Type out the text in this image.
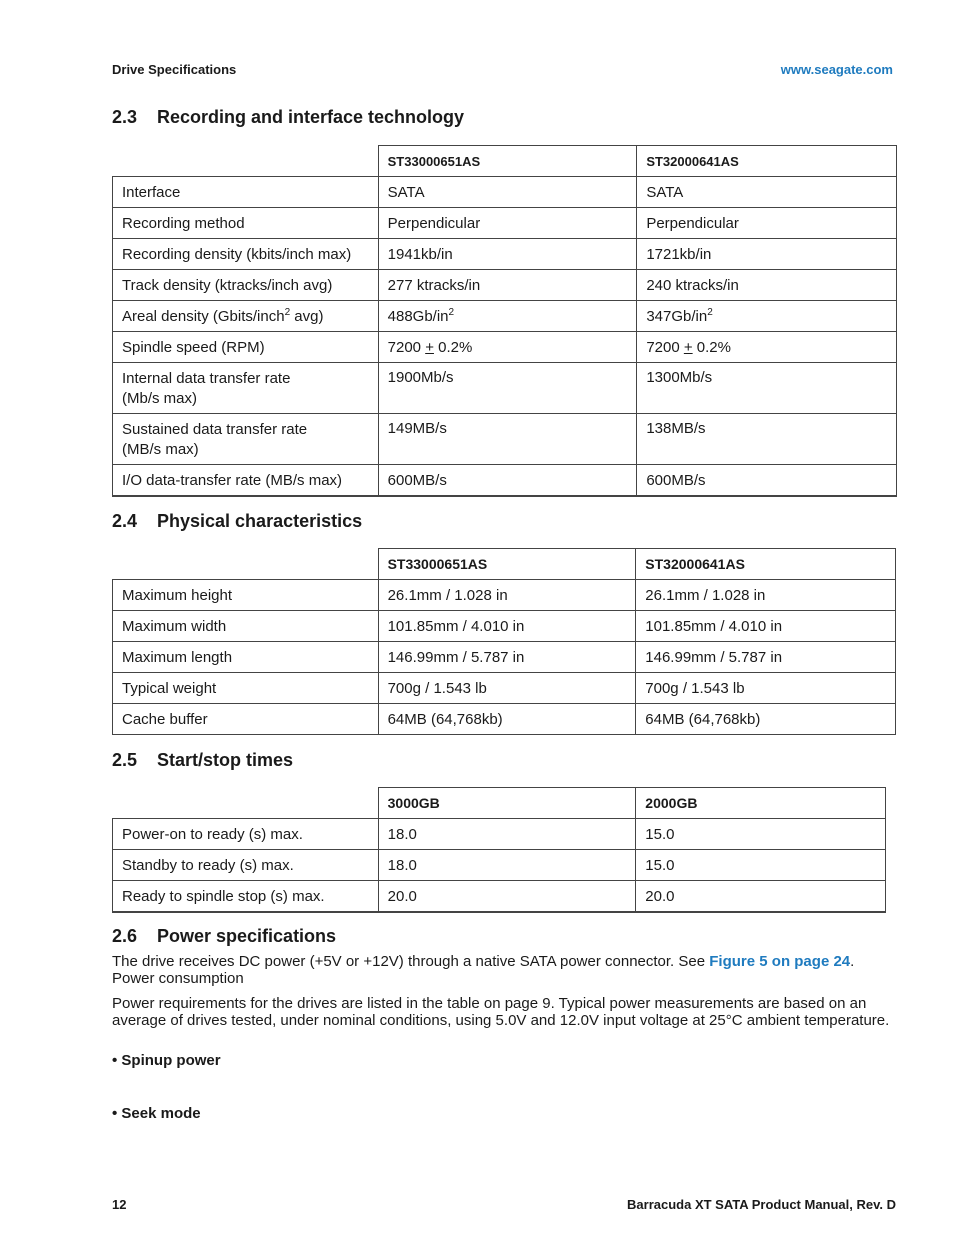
Drive Specifications	www.seagate.com
2.3 Recording and interface technology
	ST33000651AS	ST32000641AS
Interface	SATA	SATA
Recording method	Perpendicular	Perpendicular
Recording density (kbits/inch max)	1941kb/in	1721kb/in
Track density (ktracks/inch avg)	277 ktracks/in	240 ktracks/in
Areal density (Gbits/inch$^2$ avg)	$488Gb/in^2$	$347Gb/in^2$
Spindle speed (RPM)	7200 + 0.2%	7200 + 0.2%
Internal data transfer rate
(Mb/s max)	1900Mb/s	1300Mb/s
Sustained data transfer rate
(MB/s max)	149MB/s	138MB/s
I/O data-transfer rate (MB/s max)	600MB/s	600MB/s
2.4 Physical characteristics
	ST33000651AS	ST32000641AS
Maximum height	26.1mm / 1.028 in	26.1mm / 1.028 in
Maximum width	101.85mm / 4.010 in	101.85mm / 4.010 in
Maximum length	146.99mm / 5.787 in	146.99mm / 5.787 in
Typical weight	700g / 1.543 lb	700g / 1.543 lb
Cache buffer	64MB (64,768kb)	64MB (64,768kb)
2.5 Start/stop times
	3000GB	2000GB
Power-on to ready (s) max.	18.0	15.0
Standby to ready (s) max.	18.0	15.0
Ready to spindle stop (s) max.	20.0	20.0
2.6 Power specifications
The drive receives DC power (+5V or +12V) through a native SATA power connector. See Figure 5 on page 24.
Power consumption
Power requirements for the drives are listed in the table on page 9. Typical power measurements are based on an average of drives tested, under nominal conditions, using 5.0V and 12.0V input voltage at 25°C ambient temperature.
• Spinup power
• Seek mode
12	Barracuda XT SATA Product Manual, Rev. D
